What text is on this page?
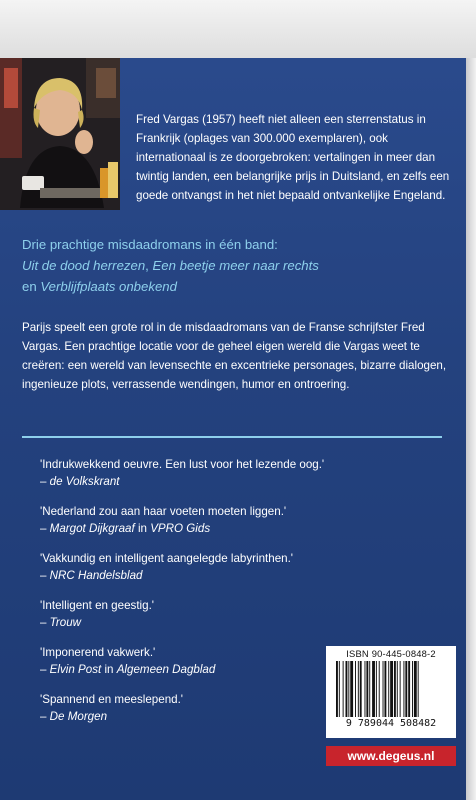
Fred Vargas (1957) heeft niet alleen een sterrenstatus in Frankrijk (oplages van 300.000 exemplaren), ook internationaal is ze doorgebroken: vertalingen in meer dan twintig landen, een belangrijke prijs in Duitsland, en zelfs een goede ontvangst in het niet bepaald ontvankelijke Engeland.
Drie prachtige misdaadromans in één band:
Uit de dood herrezen, Een beetje meer naar rechts
en Verblijfplaats onbekend
Parijs speelt een grote rol in de misdaadromans van de Franse schrijfster Fred Vargas. Een prachtige locatie voor de geheel eigen wereld die Vargas weet te creëren: een wereld van levensechte en excentrieke personages, bizarre dialogen, ingenieuze plots, verrassende wendingen, humor en ontroering.
'Indrukwekkend oeuvre. Een lust voor het lezende oog.'
– de Volkskrant
'Nederland zou aan haar voeten moeten liggen.'
– Margot Dijkgraaf in VPRO Gids
'Vakkundig en intelligent aangelegde labyrinthen.'
– NRC Handelsblad
'Intelligent en geestig.'
– Trouw
'Imponerend vakwerk.'
– Elvin Post in Algemeen Dagblad
'Spannend en meeslepend.'
– De Morgen
ISBN 90-445-0848-2
9 789044 508482
www.degeus.nl
